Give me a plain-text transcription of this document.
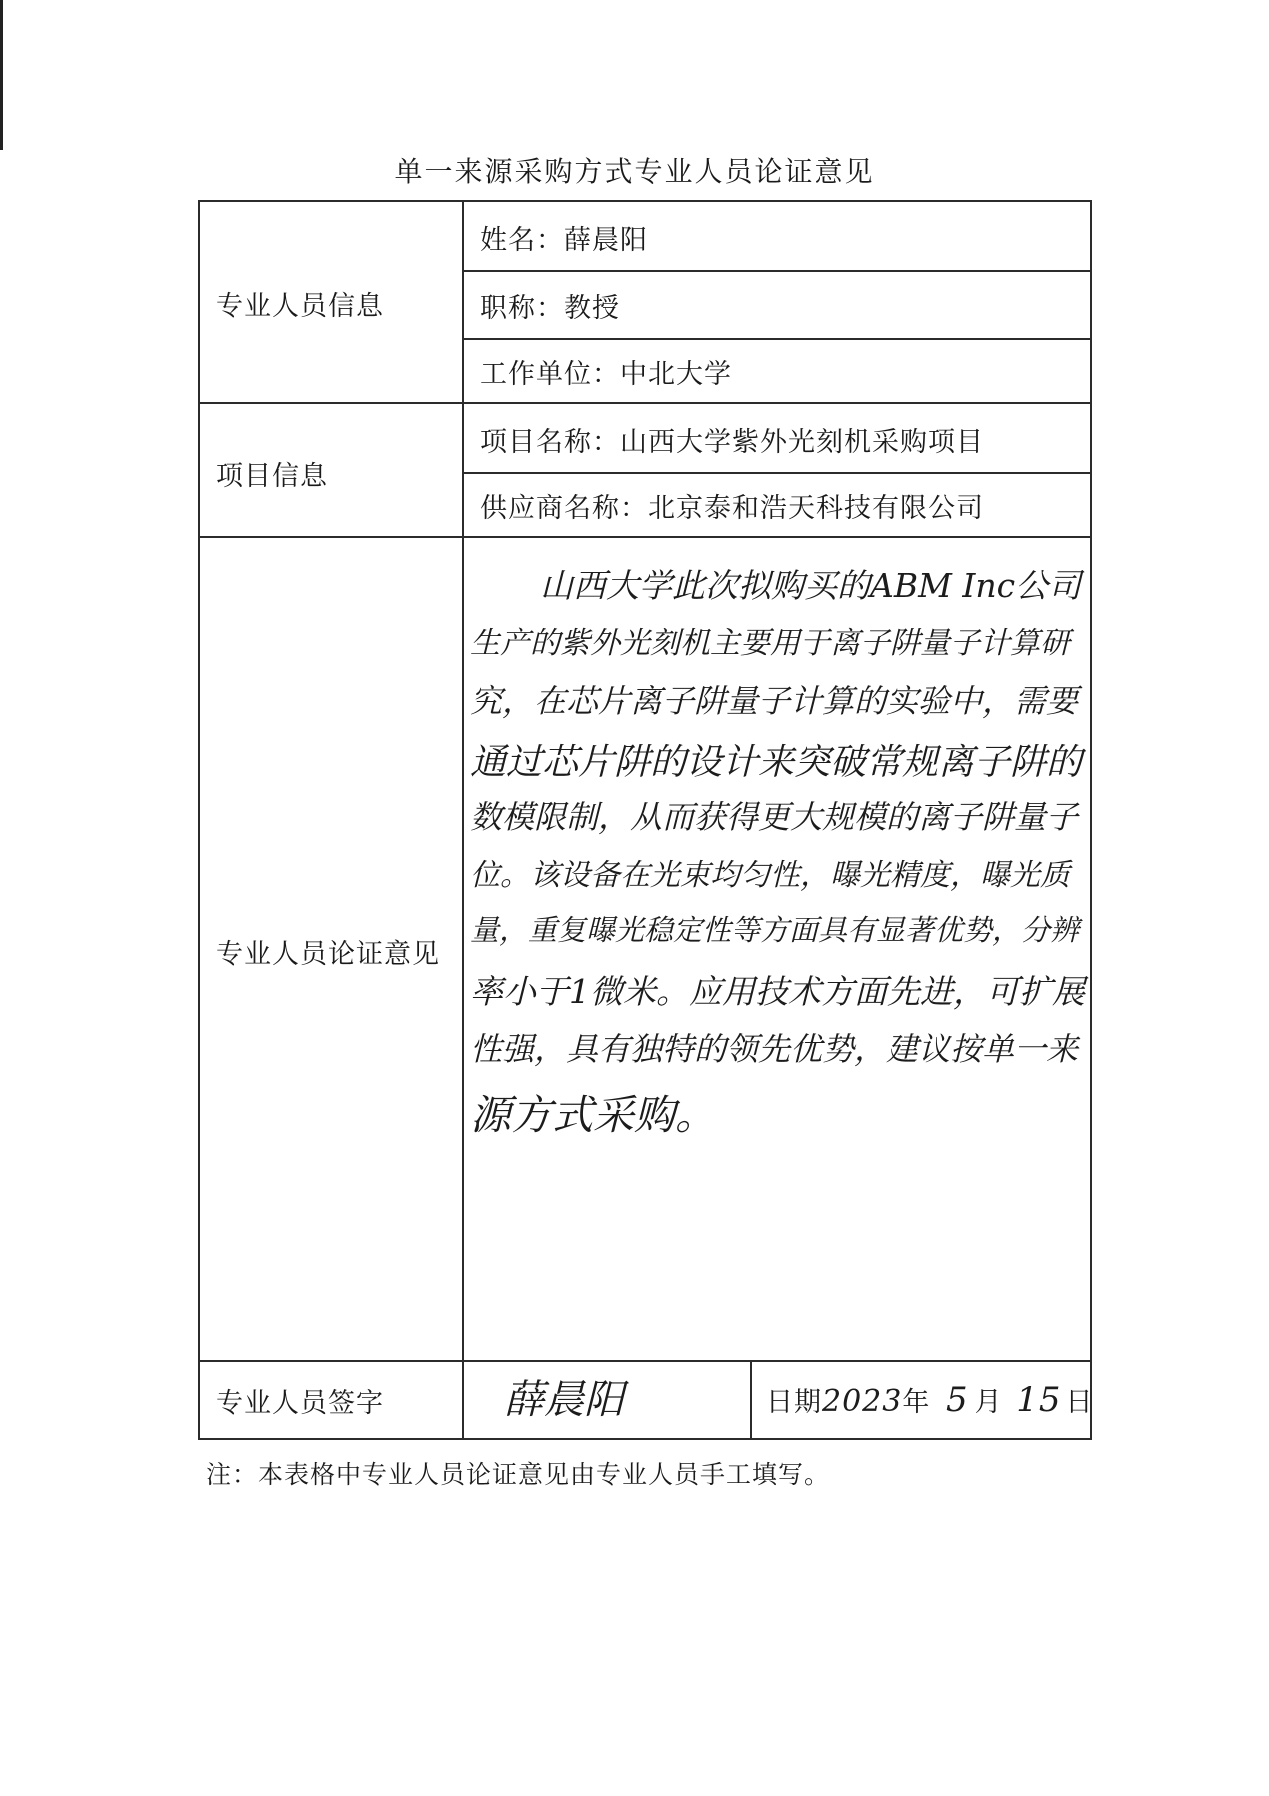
单一来源采购方式专业人员论证意见
专业人员信息
姓名：薛晨阳
职称：教授
工作单位：中北大学
项目信息
项目名称：山西大学紫外光刻机采购项目
供应商名称：北京泰和浩天科技有限公司
专业人员论证意见
专业人员签字	薛晨阳	日期2023年 5 月 15 日
山西大学此次拟购买的ABM Inc公司
生产的紫外光刻机主要用于离子阱量子计算研
究，在芯片离子阱量子计算的实验中，需要
通过芯片阱的设计来突破常规离子阱的
数模限制，从而获得更大规模的离子阱量子
位。该设备在光束均匀性，曝光精度，曝光质
量，重复曝光稳定性等方面具有显著优势，分辨
率小于1微米。应用技术方面先进，可扩展
性强，具有独特的领先优势，建议按单一来
源方式采购。
注：本表格中专业人员论证意见由专业人员手工填写。
